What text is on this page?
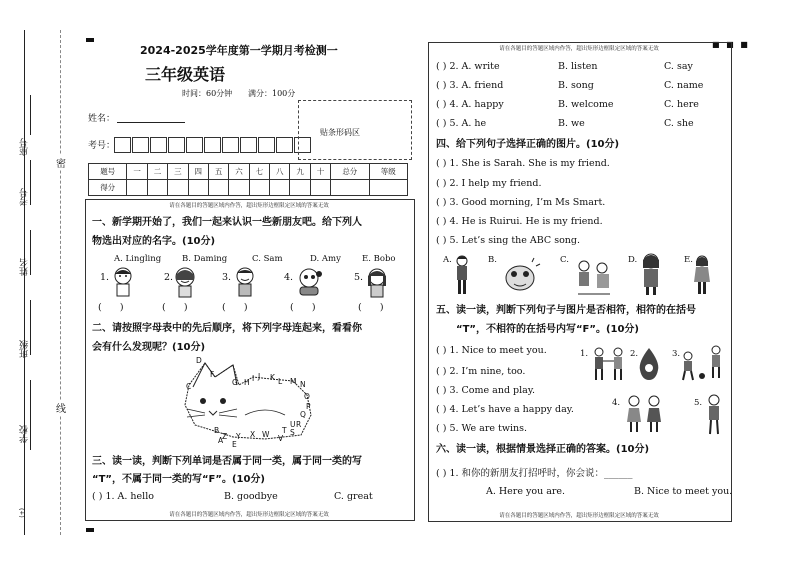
座号
考号
姓名
班级
学校
(+)
密
线
2024-2025学年度第一学期月考检测一
三年级英语
时间：60分钟 满分：100分
姓名：
考号：
贴条形码区
题号	一	二	三	四	五	六	七	八	九	十	总分	等级
得分												
请在各题目的答题区域内作答，超出矩形边框限定区域的答案无效
请在各题目的答题区域内作答，超出矩形边框限定区域的答案无效
一、新学期开始了，我们一起来认识一些新朋友吧。给下列人
物选出对应的名字。(10分)
A. Lingling B. Daming	C. Sam	D. Amy E. Bobo
1.	2.	3.	4.	5.
(      )	(      )	(      )	(      )	(      )
二、请按照字母表中的先后顺序，将下列字母连起来，看看你
会有什么发现呢？(10分)
D
F
C	G H I J K L M N
O
P
Q
R
S
T
U
V
W
X
Y
Z
B
A E
三、读一读，判断下列单词是否属于同一类，属于同一类的写
“T”，不属于同一类的写“F”。(10分)
( ) 1. A. hello	B. goodbye	C. great
■ ■ ■
请在各题目的答题区域内作答，超出矩形边框限定区域的答案无效
请在各题目的答题区域内作答，超出矩形边框限定区域的答案无效
( ) 2. A. write	B. listen	C. say
( ) 3. A. friend	B. song	C. name
( ) 4. A. happy	B. welcome	C. here
( ) 5. A. he	B. we	C. she
四、给下列句子选择正确的图片。(10分)
( ) 1. She is Sarah. She is my friend.
( ) 2. I help my friend.
( ) 3. Good morning, I’m Ms Smart.
( ) 4. He is Ruirui. He is my friend.
( ) 5. Let’s sing the ABC song.
A.	B.	C.	D.	E.
五、读一读，判断下列句子与图片是否相符，相符的在括号
“T”，不相符的在括号内写“F”。(10分)
( ) 1. Nice to meet you.
( ) 2. I’m nine, too.
( ) 3. Come and play.
( ) 4. Let’s have a happy day.
( ) 5. We are twins.
1.	2.	3.
4.	5.
六、读一读，根据情景选择正确的答案。(10分)
( ) 1. 和你的新朋友打招呼时，你会说：______
A. Here you are.	B. Nice to meet you.
